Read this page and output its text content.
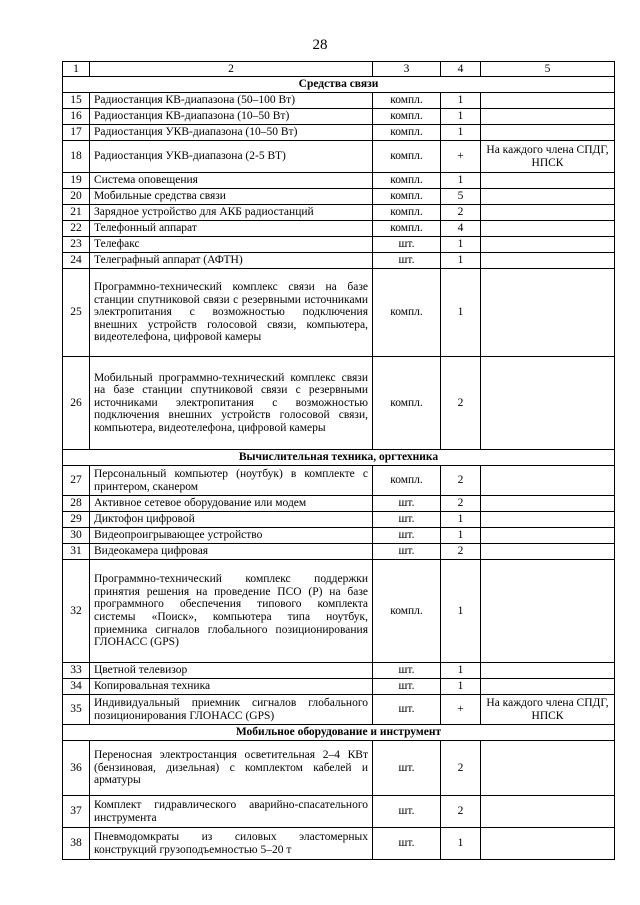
28
1	2	3	4	5
Средства связи				
15	Радиостанция КВ-диапазона (50–100 Вт)	компл.	1	
16	Радиостанция КВ-диапазона (10–50 Вт)	компл.	1	
17	Радиостанция УКВ-диапазона (10–50 Вт)	компл.	1	
18	Радиостанция УКВ-диапазона (2-5 ВТ)	компл.	+	На каждого члена СПДГ, НПСК
19	Система оповещения	компл.	1	
20	Мобильные средства связи	компл.	5	
21	Зарядное устройство для АКБ радиостанций	компл.	2	
22	Телефонный аппарат	компл.	4	
23	Телефакс	шт.	1	
24	Телеграфный аппарат (АФТН)	шт.	1	
25	Программно-технический комплекс связи на базе станции спутниковой связи с резервными источниками электропитания с возможностью подключения внешних устройств голосовой связи, компьютера, видеотелефона, цифровой камеры	компл.	1	
26	Мобильный программно-технический комплекс связи на базе станции спутниковой связи с резервными источниками электропитания с возможностью подключения внешних устройств голосовой связи, компьютера, видеотелефона, цифровой камеры	компл.	2	
Вычислительная техника, оргтехника				
27	Персональный компьютер (ноутбук) в комплекте с принтером, сканером	компл.	2	
28	Активное сетевое оборудование или модем	шт.	2	
29	Диктофон цифровой	шт.	1	
30	Видеопроигрывающее устройство	шт.	1	
31	Видеокамера цифровая	шт.	2	
32	Программно-технический комплекс поддержки принятия решения на проведение ПСО (Р) на базе программного обеспечения типового комплекта системы «Поиск», компьютера типа ноутбук, приемника сигналов глобального позиционирования ГЛОНАСС (GPS)	компл.	1	
33	Цветной телевизор	шт.	1	
34	Копировальная техника	шт.	1	
35	Индивидуальный приемник сигналов глобального позиционирования ГЛОНАСС (GPS)	шт.	+	На каждого члена СПДГ, НПСК
Мобильное оборудование и инструмент				
36	Переносная электростанция осветительная 2–4 КВт (бензиновая, дизельная) с комплектом кабелей и арматуры	шт.	2	
37	Комплект гидравлического аварийно-спасательного инструмента	шт.	2	
38	Пневмодомкраты из силовых эластомерных конструкций грузоподъемностью 5–20 т	шт.	1	
